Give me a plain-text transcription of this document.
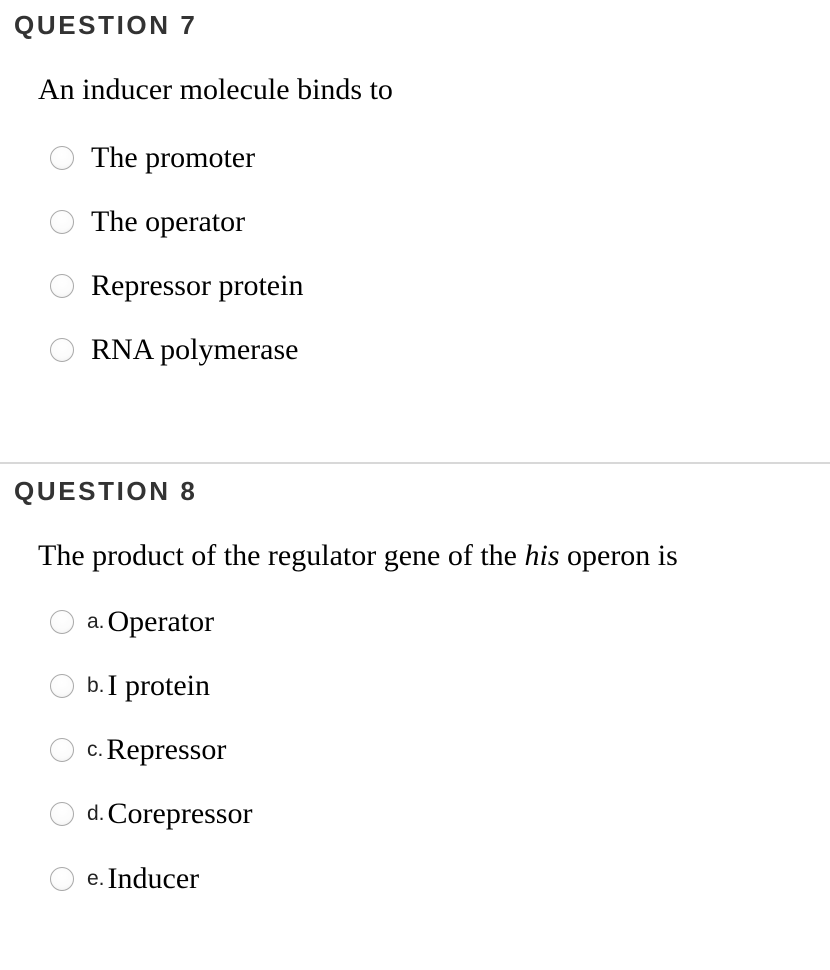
QUESTION 7
An inducer molecule binds to
The promoter
The operator
Repressor protein
RNA polymerase
QUESTION 8
The product of the regulator gene of the his operon is
a. Operator
b. I protein
c. Repressor
d. Corepressor
e. Inducer
